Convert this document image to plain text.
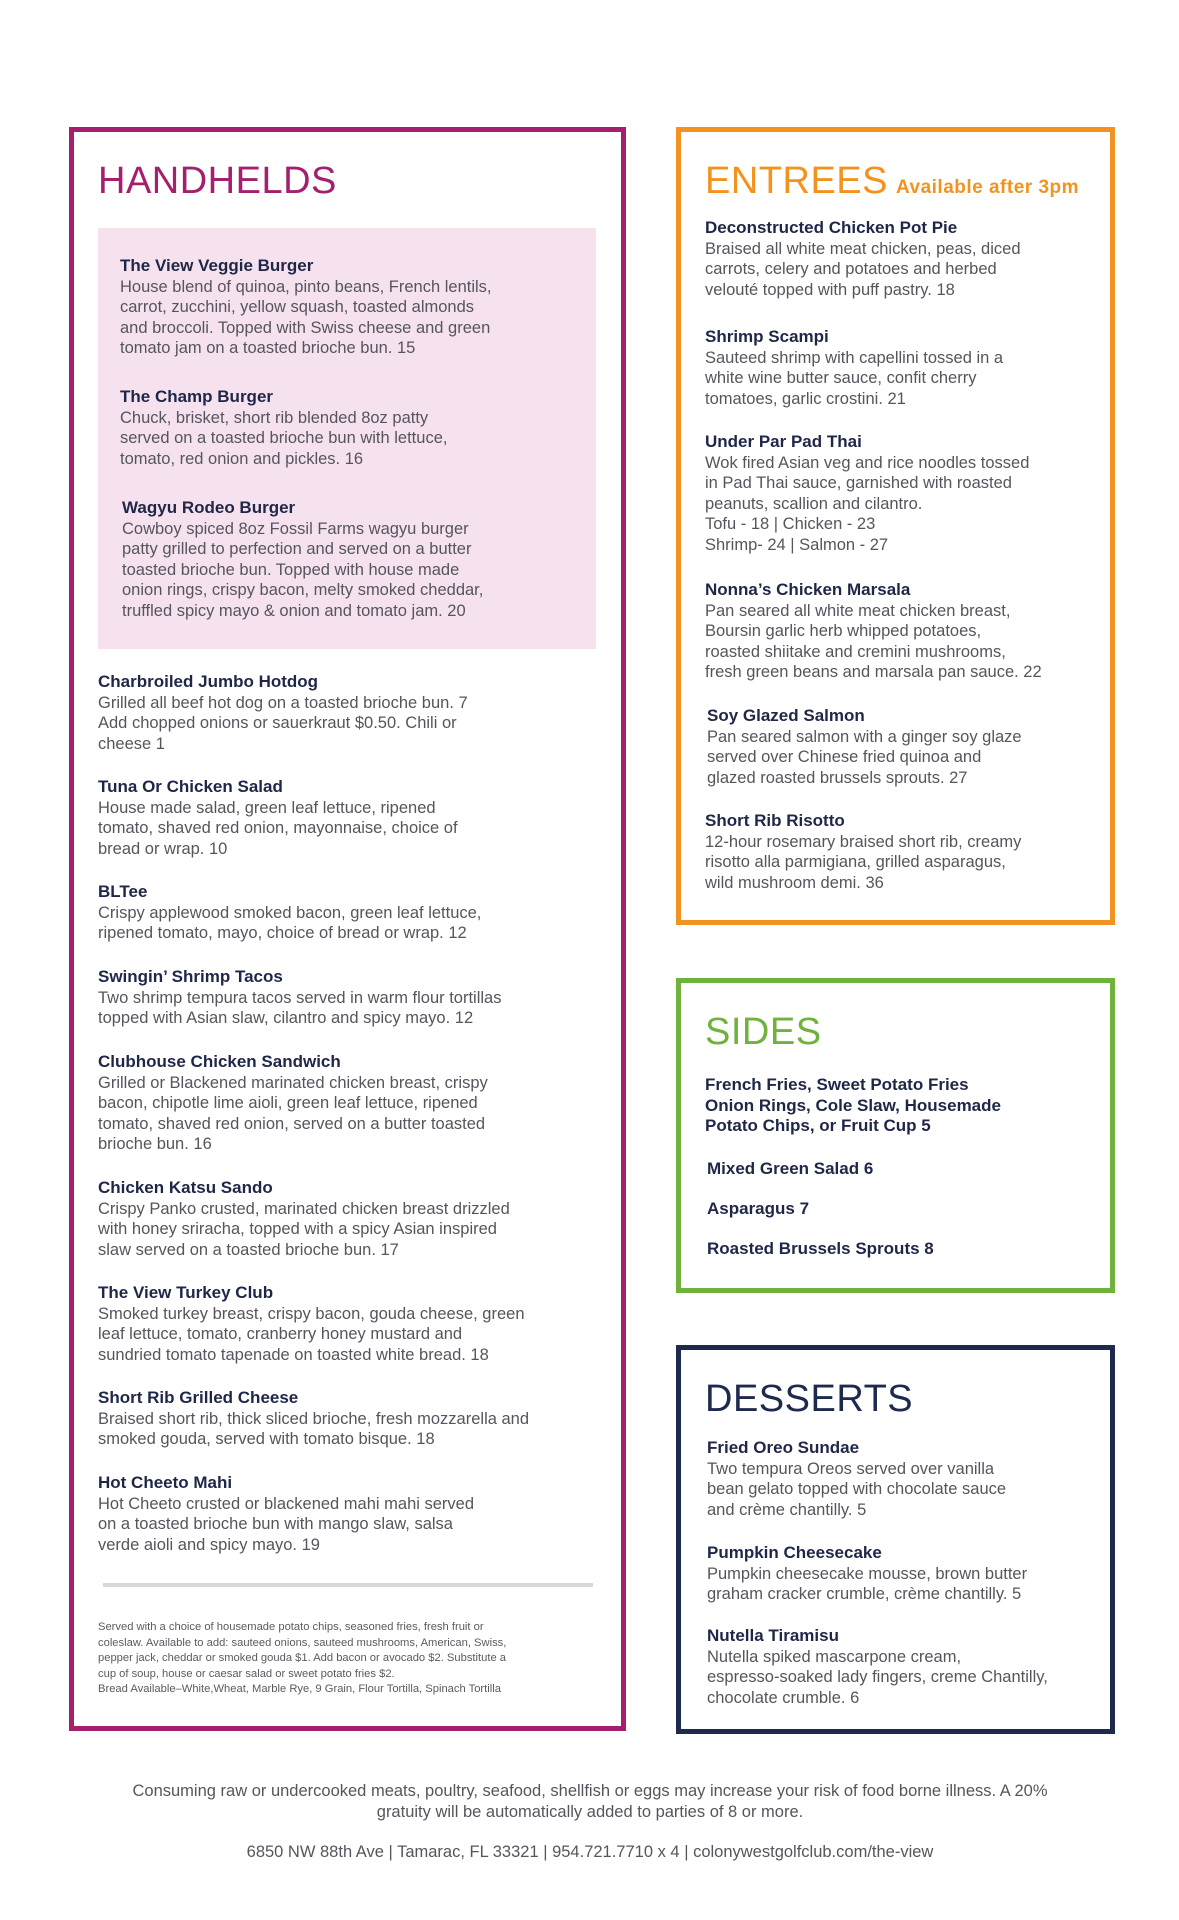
HANDHELDS
The View Veggie Burger
House blend of quinoa, pinto beans, French lentils,
carrot, zucchini, yellow squash, toasted almonds
and broccoli. Topped with Swiss cheese and green
tomato jam on a toasted brioche bun. 15
The Champ Burger
Chuck, brisket, short rib blended 8oz patty
served on a toasted brioche bun with lettuce,
tomato, red onion and pickles. 16
Wagyu Rodeo Burger
Cowboy spiced 8oz Fossil Farms wagyu burger
patty grilled to perfection and served on a butter
toasted brioche bun. Topped with house made
onion rings, crispy bacon, melty smoked cheddar,
truffled spicy mayo & onion and tomato jam. 20
Charbroiled Jumbo Hotdog
Grilled all beef hot dog on a toasted brioche bun. 7
Add chopped onions or sauerkraut $0.50. Chili or
cheese 1
Tuna Or Chicken Salad
House made salad, green leaf lettuce, ripened
tomato, shaved red onion, mayonnaise, choice of
bread or wrap. 10
BLTee
Crispy applewood smoked bacon, green leaf lettuce,
ripened tomato, mayo, choice of bread or wrap. 12
Swingin’ Shrimp Tacos
Two shrimp tempura tacos served in warm flour tortillas
topped with Asian slaw, cilantro and spicy mayo. 12
Clubhouse Chicken Sandwich
Grilled or Blackened marinated chicken breast, crispy
bacon, chipotle lime aioli, green leaf lettuce, ripened
tomato, shaved red onion, served on a butter toasted
brioche bun. 16
Chicken Katsu Sando
Crispy Panko crusted, marinated chicken breast drizzled
with honey sriracha, topped with a spicy Asian inspired
slaw served on a toasted brioche bun. 17
The View Turkey Club
Smoked turkey breast, crispy bacon, gouda cheese, green
leaf lettuce, tomato, cranberry honey mustard and
sundried tomato tapenade on toasted white bread. 18
Short Rib Grilled Cheese
Braised short rib, thick sliced brioche, fresh mozzarella and
smoked gouda, served with tomato bisque. 18
Hot Cheeto Mahi
Hot Cheeto crusted or blackened mahi mahi served
on a toasted brioche bun with mango slaw, salsa
verde aioli and spicy mayo. 19
Served with a choice of housemade potato chips, seasoned fries, fresh fruit or
coleslaw. Available to add: sauteed onions, sauteed mushrooms, American, Swiss,
pepper jack, cheddar or smoked gouda $1. Add bacon or avocado $2. Substitute a
cup of soup, house or caesar salad or sweet potato fries $2.
Bread Available–White,Wheat, Marble Rye, 9 Grain, Flour Tortilla, Spinach Tortilla
ENTREES Available after 3pm
Deconstructed Chicken Pot Pie
Braised all white meat chicken, peas, diced
carrots, celery and potatoes and herbed
velouté topped with puff pastry. 18
Shrimp Scampi
Sauteed shrimp with capellini tossed in a
white wine butter sauce, confit cherry
tomatoes, garlic crostini. 21
Under Par Pad Thai
Wok fired Asian veg and rice noodles tossed
in Pad Thai sauce, garnished with roasted
peanuts, scallion and cilantro.
Tofu - 18 | Chicken - 23
Shrimp- 24 | Salmon - 27
Nonna’s Chicken Marsala
Pan seared all white meat chicken breast,
Boursin garlic herb whipped potatoes,
roasted shiitake and cremini mushrooms,
fresh green beans and marsala pan sauce. 22
Soy Glazed Salmon
Pan seared salmon with a ginger soy glaze
served over Chinese fried quinoa and
glazed roasted brussels sprouts. 27
Short Rib Risotto
12-hour rosemary braised short rib, creamy
risotto alla parmigiana, grilled asparagus,
wild mushroom demi. 36
SIDES
French Fries, Sweet Potato Fries
Onion Rings, Cole Slaw, Housemade
Potato Chips, or Fruit Cup 5
Mixed Green Salad 6
Asparagus 7
Roasted Brussels Sprouts 8
DESSERTS
Fried Oreo Sundae
Two tempura Oreos served over vanilla
bean gelato topped with chocolate sauce
and crème chantilly. 5
Pumpkin Cheesecake
Pumpkin cheesecake mousse, brown butter
graham cracker crumble, crème chantilly. 5
Nutella Tiramisu
Nutella spiked mascarpone cream,
espresso-soaked lady fingers, creme Chantilly,
chocolate crumble. 6
Consuming raw or undercooked meats, poultry, seafood, shellfish or eggs may increase your risk of food borne illness. A 20% gratuity will be automatically added to parties of 8 or more.
6850 NW 88th Ave | Tamarac, FL 33321 | 954.721.7710 x 4 | colonywestgolfclub.com/the-view
